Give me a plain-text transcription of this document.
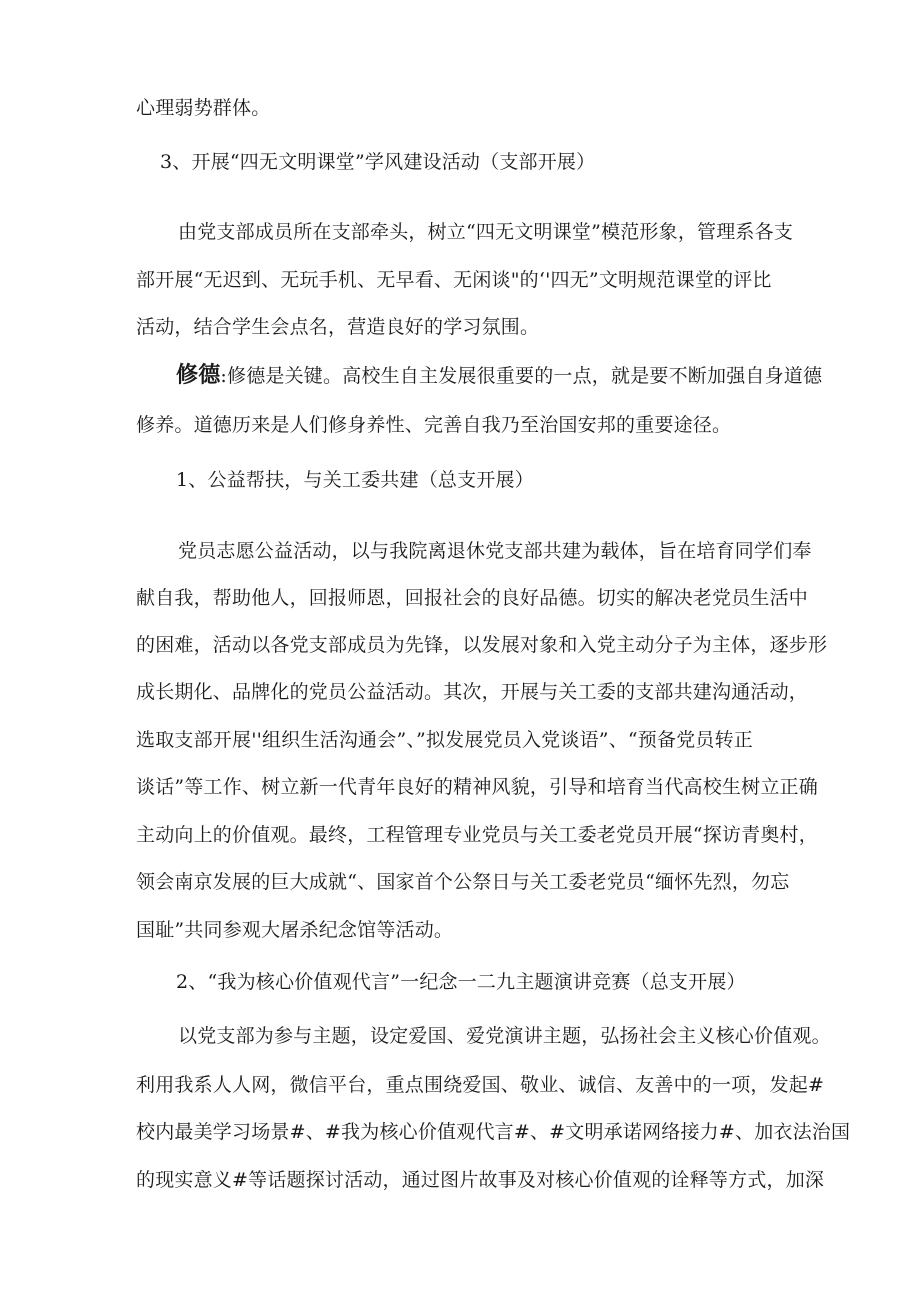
心理弱势群体。
3、开展“四无文明课堂”学风建设活动（支部开展）
由党支部成员所在支部牵头，树立“四无文明课堂”模范形象，管理系各支
部开展“无迟到、无玩手机、无早看、无闲谈"的‘'四无”文明规范课堂的评比
活动，结合学生会点名，营造良好的学习氛围。
修德:修德是关键。高校生自主发展很重要的一点，就是要不断加强自身道德
修养。道德历来是人们修身养性、完善自我乃至治国安邦的重要途径。
1、公益帮扶，与关工委共建（总支开展）
党员志愿公益活动，以与我院离退休党支部共建为载体，旨在培育同学们奉
献自我，帮助他人，回报师恩，回报社会的良好品德。切实的解决老党员生活中
的困难，活动以各党支部成员为先锋，以发展对象和入党主动分子为主体，逐步形
成长期化、品牌化的党员公益活动。其次，开展与关工委的支部共建沟通活动，
选取支部开展''组织生活沟通会”、”拟发展党员入党谈语”、“预备党员转正
谈话”等工作、树立新一代青年良好的精神风貌，引导和培育当代高校生树立正确
主动向上的价值观。最终，工程管理专业党员与关工委老党员开展“探访青奥村，
领会南京发展的巨大成就“、国家首个公祭日与关工委老党员“缅怀先烈，勿忘
国耻”共同参观大屠杀纪念馆等活动。
2、“我为核心价值观代言”一纪念一二九主题演讲竞赛（总支开展）
以党支部为参与主题，设定爱国、爱党演讲主题，弘扬社会主义核心价值观。
利用我系人人网，微信平台，重点围绕爱国、敬业、诚信、友善中的一项，发起#
校内最美学习场景#、#我为核心价值观代言#、#文明承诺网络接力#、加衣法治国
的现实意义#等话题探讨活动，通过图片故事及对核心价值观的诠释等方式，加深
